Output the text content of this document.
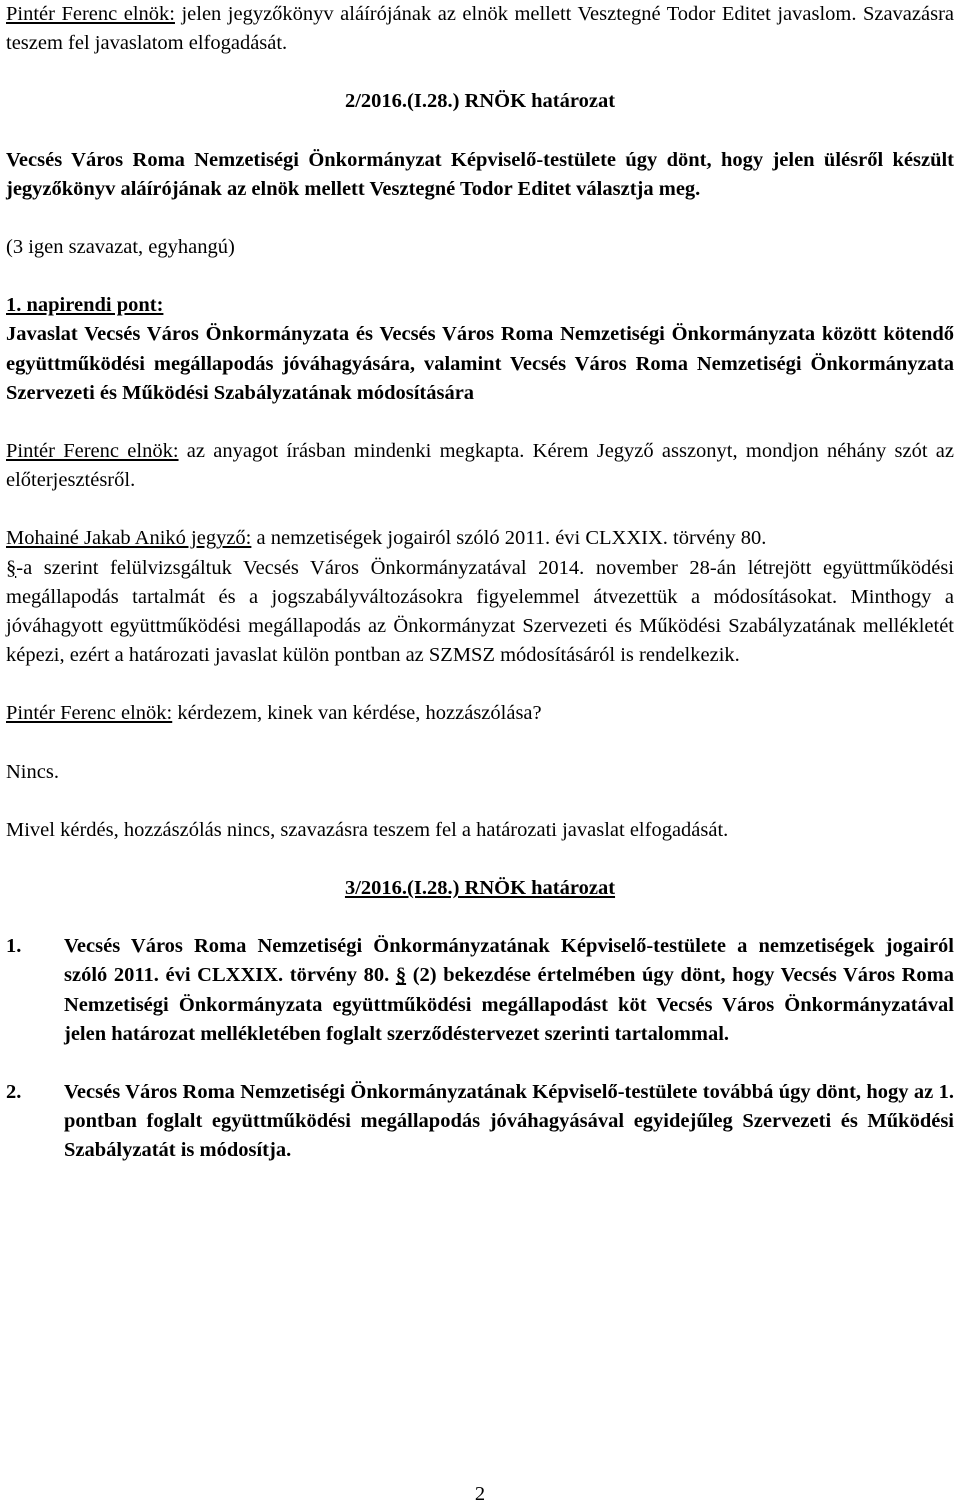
Pintér Ferenc elnök: jelen jegyzőkönyv aláírójának az elnök mellett Vesztegné Todor Editet javaslom. Szavazásra teszem fel javaslatom elfogadását.

2/2016.(I.28.) RNÖK határozat

Vecsés Város Roma Nemzetiségi Önkormányzat Képviselő-testülete úgy dönt, hogy jelen ülésről készült jegyzőkönyv aláírójának az elnök mellett Vesztegné Todor Editet választja meg.

(3 igen szavazat, egyhangú)

1. napirendi pont:

Javaslat Vecsés Város Önkormányzata és Vecsés Város Roma Nemzetiségi Önkormányzata között kötendő együttműködési megállapodás jóváhagyására, valamint Vecsés Város Roma Nemzetiségi Önkormányzata Szervezeti és Működési Szabályzatának módosítására

Pintér Ferenc elnök: az anyagot írásban mindenki megkapta. Kérem Jegyző asszonyt, mondjon néhány szót az előterjesztésről.

Mohainé Jakab Anikó jegyző: a nemzetiségek jogairól szóló 2011. évi CLXXIX. törvény 80.
§-a szerint felülvizsgáltuk Vecsés Város Önkormányzatával 2014. november 28-án létrejött együttműködési megállapodás tartalmát és a jogszabályváltozásokra figyelemmel átvezettük a módosításokat. Minthogy a jóváhagyott együttműködési megállapodás az Önkormányzat Szervezeti és Működési Szabályzatának mellékletét képezi, ezért a határozati javaslat külön pontban az SZMSZ módosításáról is rendelkezik.

Pintér Ferenc elnök: kérdezem, kinek van kérdése, hozzászólása?

Nincs.

Mivel kérdés, hozzászólás nincs, szavazásra teszem fel a határozati javaslat elfogadását.

3/2016.(I.28.) RNÖK határozat

1.	Vecsés Város Roma Nemzetiségi Önkormányzatának Képviselő-testülete a nemzetiségek jogairól szóló 2011. évi CLXXIX. törvény 80. § (2) bekezdése értelmében úgy dönt, hogy Vecsés Város Roma Nemzetiségi Önkormányzata együttműködési megállapodást köt Vecsés Város Önkormányzatával jelen határozat mellékletében foglalt szerződéstervezet szerinti tartalommal.
2.	Vecsés Város Roma Nemzetiségi Önkormányzatának Képviselő-testülete továbbá úgy dönt, hogy az 1. pontban foglalt együttműködési megállapodás jóváhagyásával egyidejűleg Szervezeti és Működési Szabályzatát is módosítja.
2
